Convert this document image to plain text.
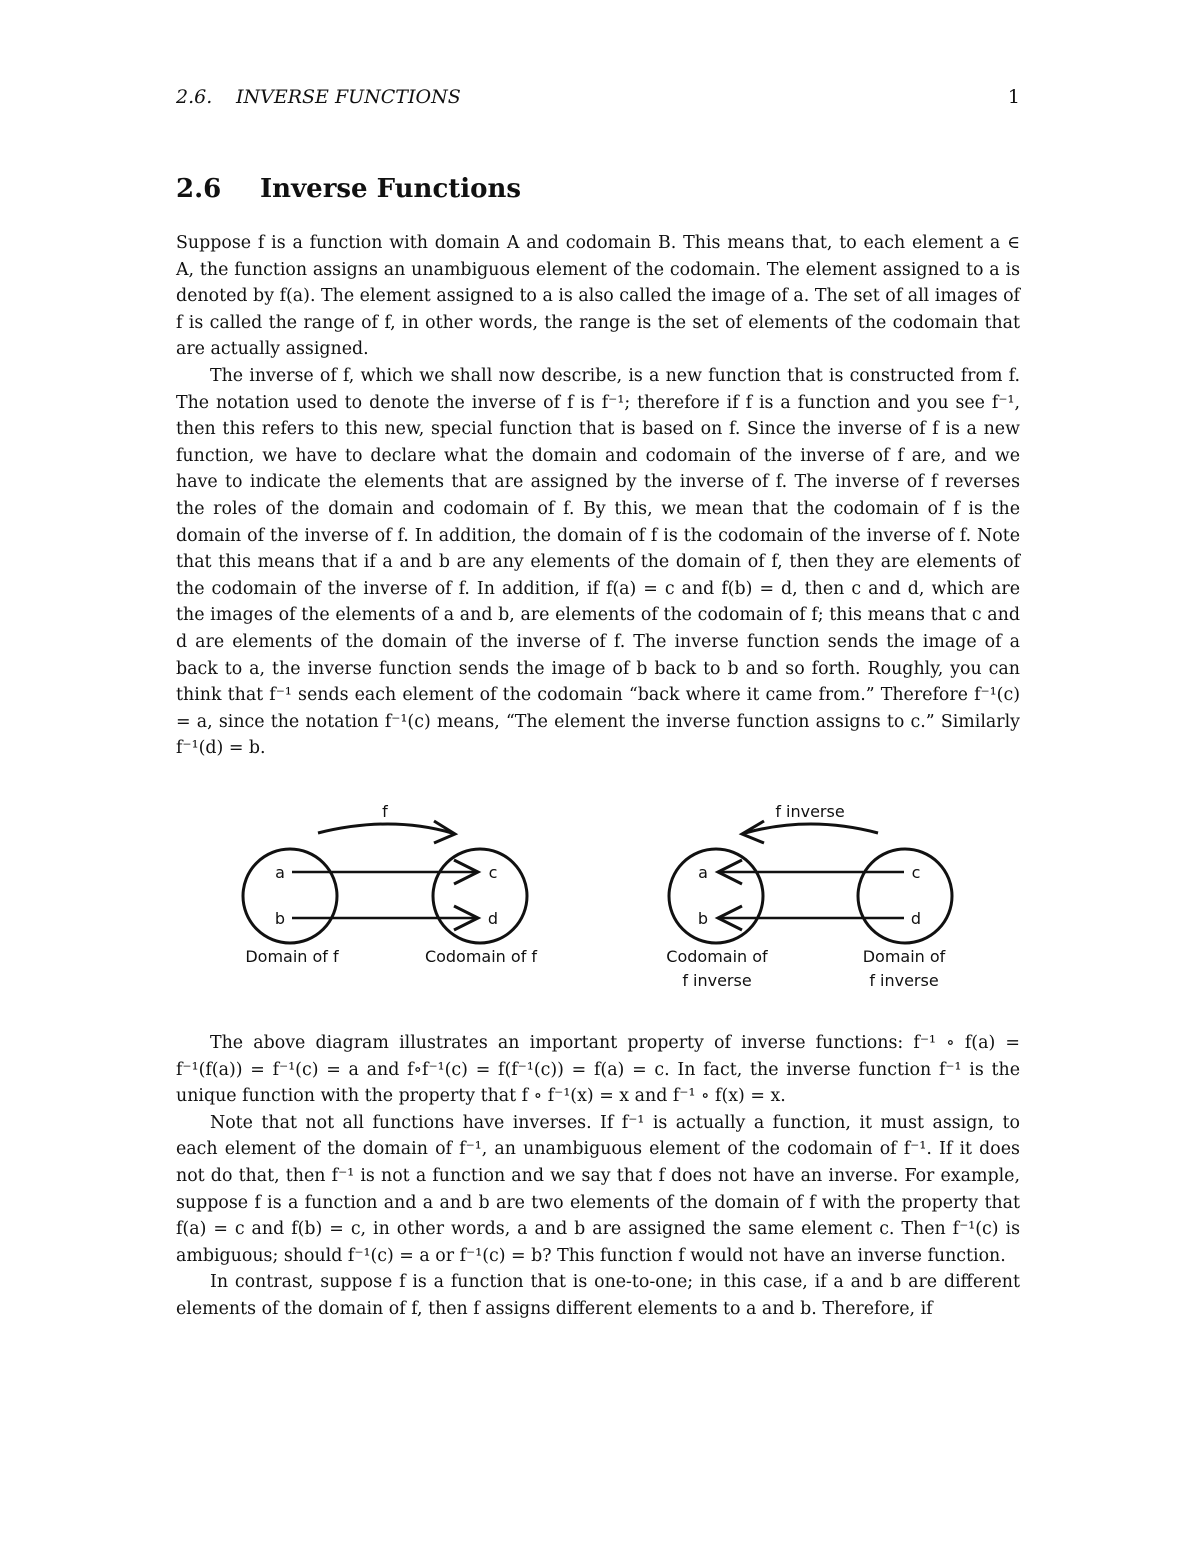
2.6. INVERSE FUNCTIONS	1
2.6 Inverse Functions

Suppose f is a function with domain A and codomain B. This means that, to each element a ∈ A, the function assigns an unambiguous element of the codomain. The element assigned to a is denoted by f(a). The element assigned to a is also called the image of a. The set of all images of f is called the range of f, in other words, the range is the set of elements of the codomain that are actually assigned.

The inverse of f, which we shall now describe, is a new function that is constructed from f. The notation used to denote the inverse of f is f⁻¹; therefore if f is a function and you see f⁻¹, then this refers to this new, special function that is based on f. Since the inverse of f is a new function, we have to declare what the domain and codomain of the inverse of f are, and we have to indicate the elements that are assigned by the inverse of f. The inverse of f reverses the roles of the domain and codomain of f. By this, we mean that the codomain of f is the domain of the inverse of f. In addition, the domain of f is the codomain of the inverse of f. Note that this means that if a and b are any elements of the domain of f, then they are elements of the codomain of the inverse of f. In addition, if f(a) = c and f(b) = d, then c and d, which are the images of the elements of a and b, are elements of the codomain of f; this means that c and d are elements of the domain of the inverse of f. The inverse function sends the image of a back to a, the inverse function sends the image of b back to b and so forth. Roughly, you can think that f⁻¹ sends each element of the codomain “back where it came from.” Therefore f⁻¹(c) = a, since the notation f⁻¹(c) means, “The element the inverse function assigns to c.” Similarly f⁻¹(d) = b.

f
a
b
c
d
Domain of f	Codomain of f
f inverse
a
b
c
d
Codomain of
f inverse
Domain of
f inverse

The above diagram illustrates an important property of inverse functions: f⁻¹ ∘ f(a) = f⁻¹(f(a)) = f⁻¹(c) = a and f∘f⁻¹(c) = f(f⁻¹(c)) = f(a) = c. In fact, the inverse function f⁻¹ is the unique function with the property that f ∘ f⁻¹(x) = x and f⁻¹ ∘ f(x) = x.

Note that not all functions have inverses. If f⁻¹ is actually a function, it must assign, to each element of the domain of f⁻¹, an unambiguous element of the codomain of f⁻¹. If it does not do that, then f⁻¹ is not a function and we say that f does not have an inverse. For example, suppose f is a function and a and b are two elements of the domain of f with the property that f(a) = c and f(b) = c, in other words, a and b are assigned the same element c. Then f⁻¹(c) is ambiguous; should f⁻¹(c) = a or f⁻¹(c) = b? This function f would not have an inverse function.

In contrast, suppose f is a function that is one-to-one; in this case, if a and b are different elements of the domain of f, then f assigns different elements to a and b. Therefore, if
